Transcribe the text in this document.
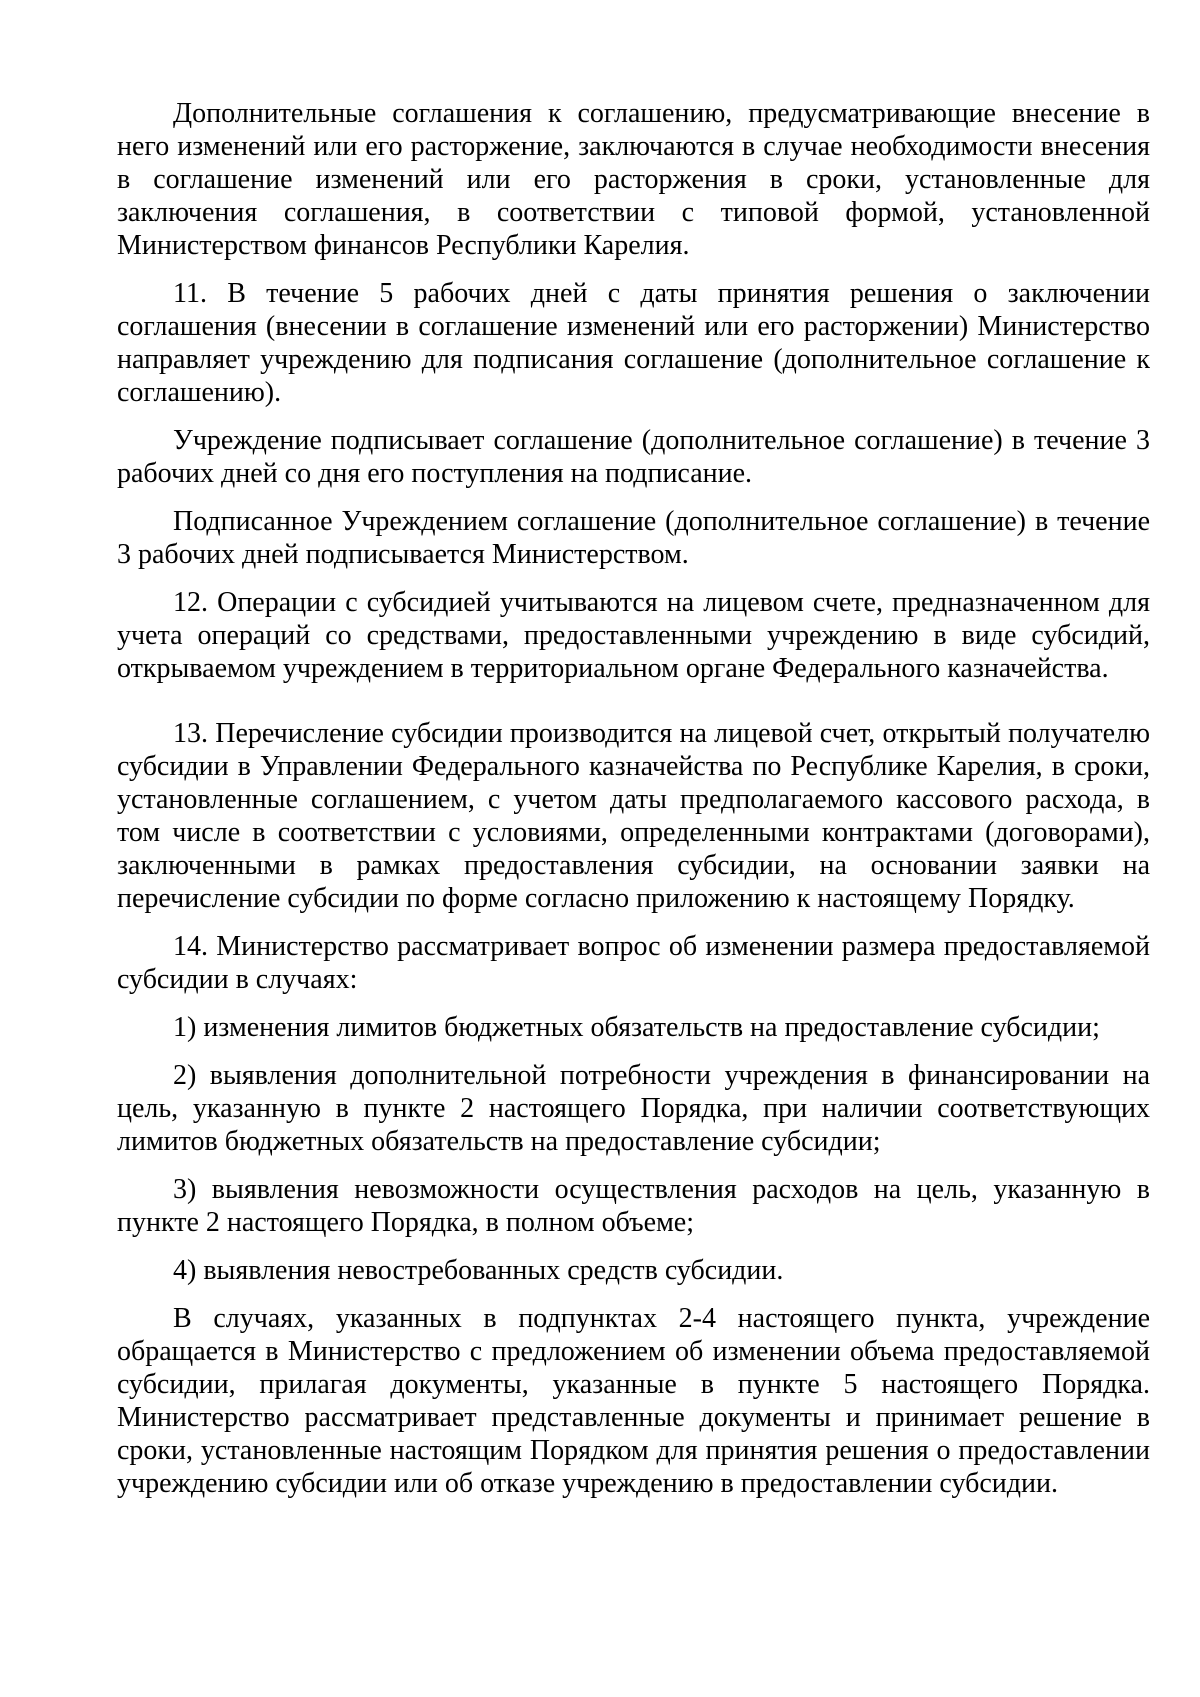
Дополнительные соглашения к соглашению, предусматривающие внесение в него изменений или его расторжение, заключаются в случае необходимости внесения в соглашение изменений или его расторжения в сроки, установленные для заключения соглашения, в соответствии с типовой формой, установленной Министерством финансов Республики Карелия.

11. В течение 5 рабочих дней с даты принятия решения о заключении соглашения (внесении в соглашение изменений или его расторжении) Министерство направляет учреждению для подписания соглашение (дополнительное соглашение к соглашению).

Учреждение подписывает соглашение (дополнительное соглашение) в течение 3 рабочих дней со дня его поступления на подписание.

Подписанное Учреждением соглашение (дополнительное соглашение) в течение 3 рабочих дней подписывается Министерством.

12. Операции с субсидией учитываются на лицевом счете, предназначенном для учета операций со средствами, предоставленными учреждению в виде субсидий, открываемом учреждением в территориальном органе Федерального казначейства.

13. Перечисление субсидии производится на лицевой счет, открытый получателю субсидии в Управлении Федерального казначейства по Республике Карелия, в сроки, установленные соглашением, с учетом даты предполагаемого кассового расхода, в том числе в соответствии с условиями, определенными контрактами (договорами), заключенными в рамках предоставления субсидии, на основании заявки на перечисление субсидии по форме согласно приложению к настоящему Порядку.

14. Министерство рассматривает вопрос об изменении размера предоставляемой субсидии в случаях:

1) изменения лимитов бюджетных обязательств на предоставление субсидии;

2) выявления дополнительной потребности учреждения в финансировании на цель, указанную в пункте 2 настоящего Порядка, при наличии соответствующих лимитов бюджетных обязательств на предоставление субсидии;

3) выявления невозможности осуществления расходов на цель, указанную в пункте 2 настоящего Порядка, в полном объеме;

4) выявления невостребованных средств субсидии.

В случаях, указанных в подпунктах 2-4 настоящего пункта, учреждение обращается в Министерство с предложением об изменении объема предоставляемой субсидии, прилагая документы, указанные в пункте 5 настоящего Порядка. Министерство рассматривает представленные документы и принимает решение в сроки, установленные настоящим Порядком для принятия решения о предоставлении учреждению субсидии или об отказе учреждению в предоставлении субсидии.
